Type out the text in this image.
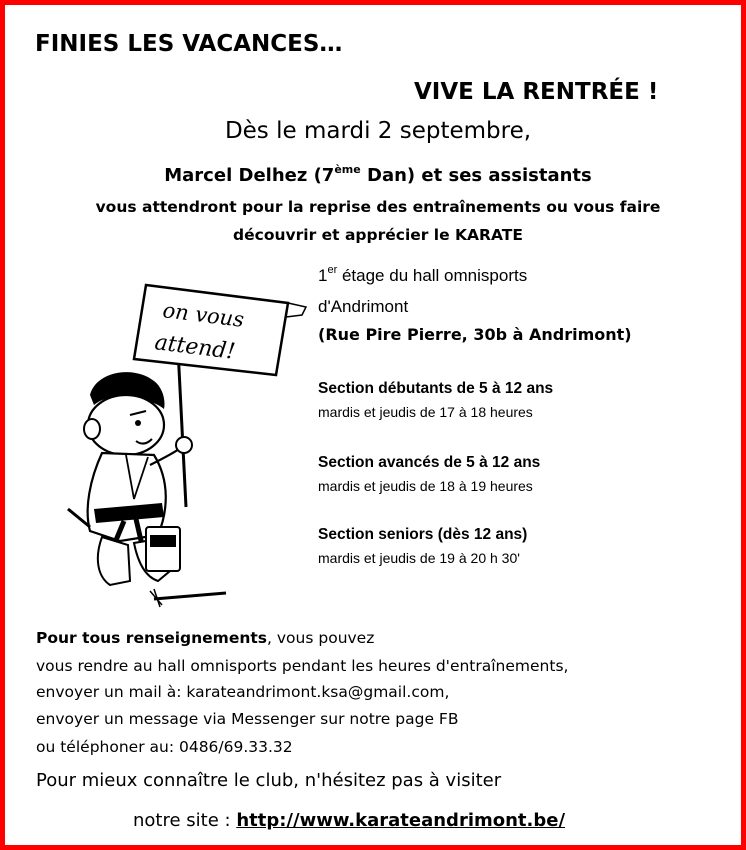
FINIES LES VACANCES…
VIVE LA RENTRÉE !
Dès le mardi 2 septembre,
Marcel Delhez (7ème Dan) et ses assistants
vous attendront pour la reprise des entraînements ou vous faire
découvrir et apprécier le KARATE
on vous
attend!
1er étage du hall omnisports
d'Andrimont
(Rue Pire Pierre, 30b à Andrimont)
Section débutants de 5 à 12 ans
mardis et jeudis de 17 à 18 heures
Section avancés de 5 à 12 ans
mardis et jeudis de 18 à 19 heures
Section seniors (dès 12 ans)
mardis et jeudis de 19 à 20 h 30'
Pour tous renseignements, vous pouvez
vous rendre au hall omnisports pendant les heures d'entraînements,
envoyer un mail à: karateandrimont.ksa@gmail.com,
envoyer un message via Messenger sur notre page FB
ou téléphoner au: 0486/69.33.32
Pour mieux connaître le club, n'hésitez pas à visiter
notre site : http://www.karateandrimont.be/
